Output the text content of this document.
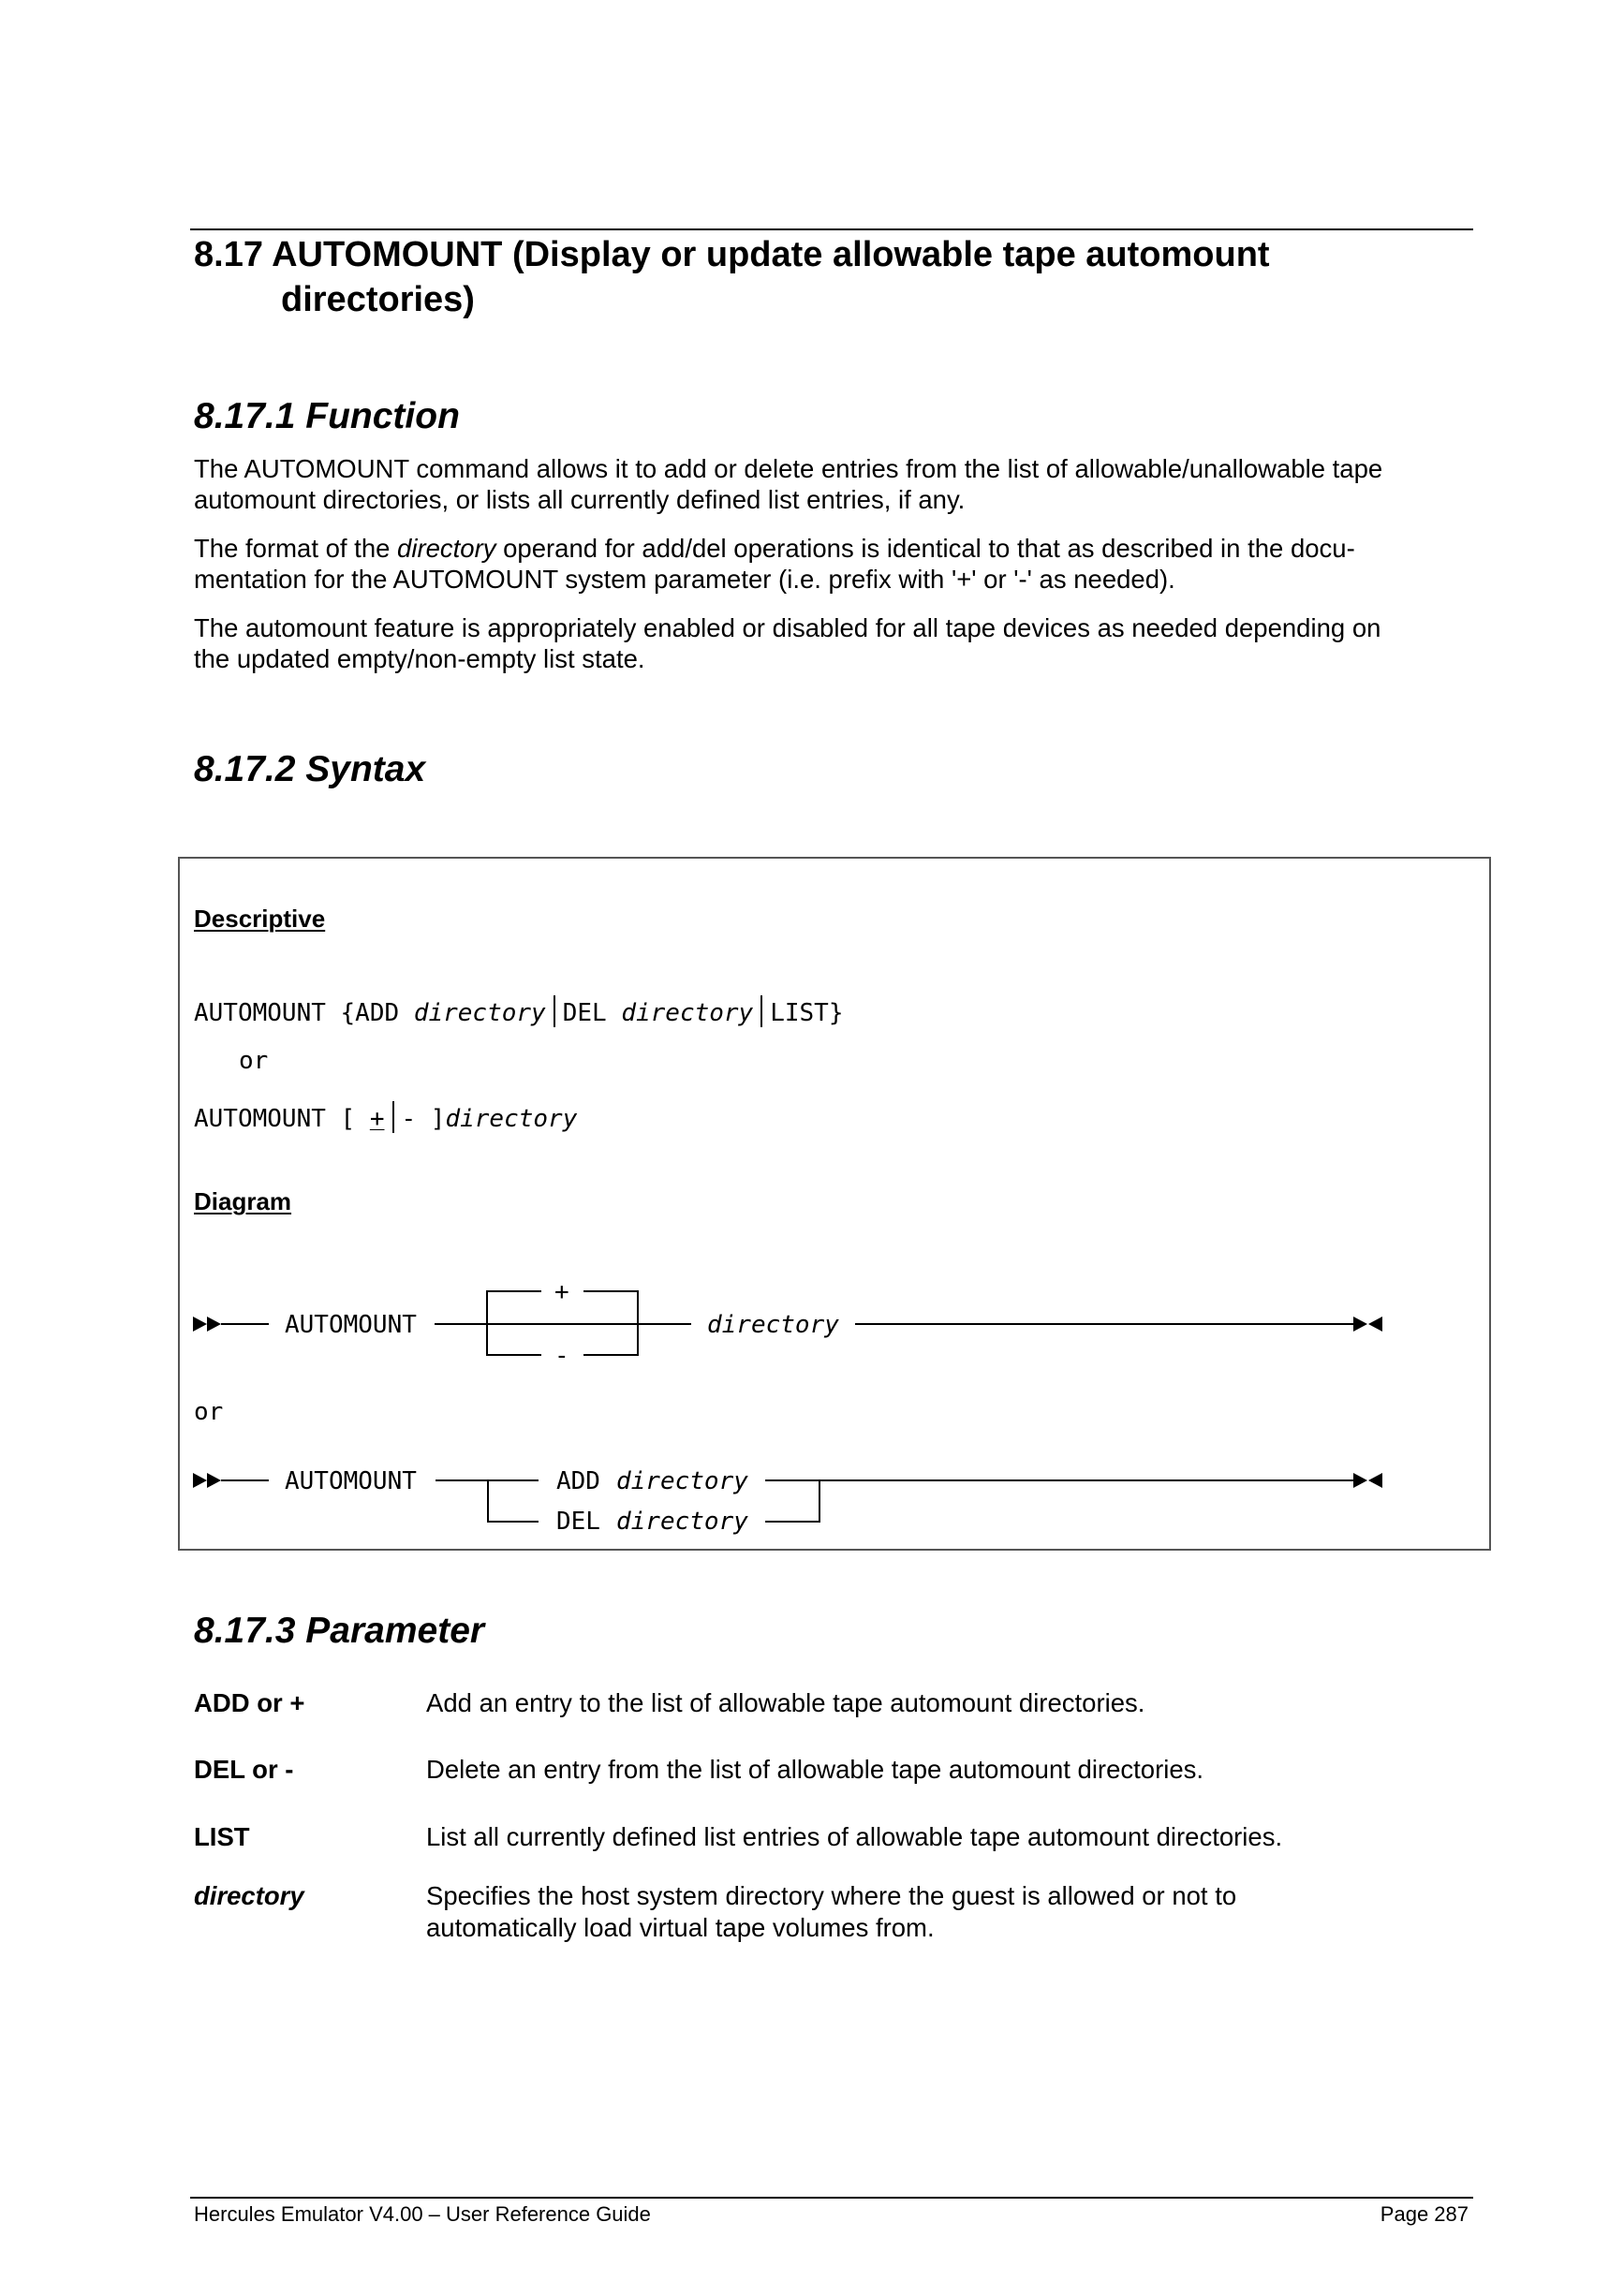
8.17 AUTOMOUNT (Display or update allowable tape automount
directories)
8.17.1 Function
The AUTOMOUNT command allows it to add or delete entries from the list of allowable/unallowable tape
automount directories, or lists all currently defined list entries, if any.
The format of the directory operand for add/del operations is identical to that as described in the docu-
mentation for the AUTOMOUNT system parameter (i.e. prefix with '+' or '-' as needed).
The automount feature is appropriately enabled or disabled for all tape devices as needed depending on
the updated empty/non-empty list state.
8.17.2 Syntax
Descriptive
AUTOMOUNT {ADD directory DEL directory LIST}
or
AUTOMOUNT [ + - ]directory
Diagram
AUTOMOUNT
+
-
directory
or
AUTOMOUNT	ADD directory
DEL directory
8.17.3 Parameter
ADD or +	Add an entry to the list of allowable tape automount directories.
DEL or -	Delete an entry from the list of allowable tape automount directories.
LIST	List all currently defined list entries of allowable tape automount directories.
directory	Specifies the host system directory where the guest is allowed or not to
automatically load virtual tape volumes from.
Hercules Emulator V4.00 – User Reference Guide	Page 287
